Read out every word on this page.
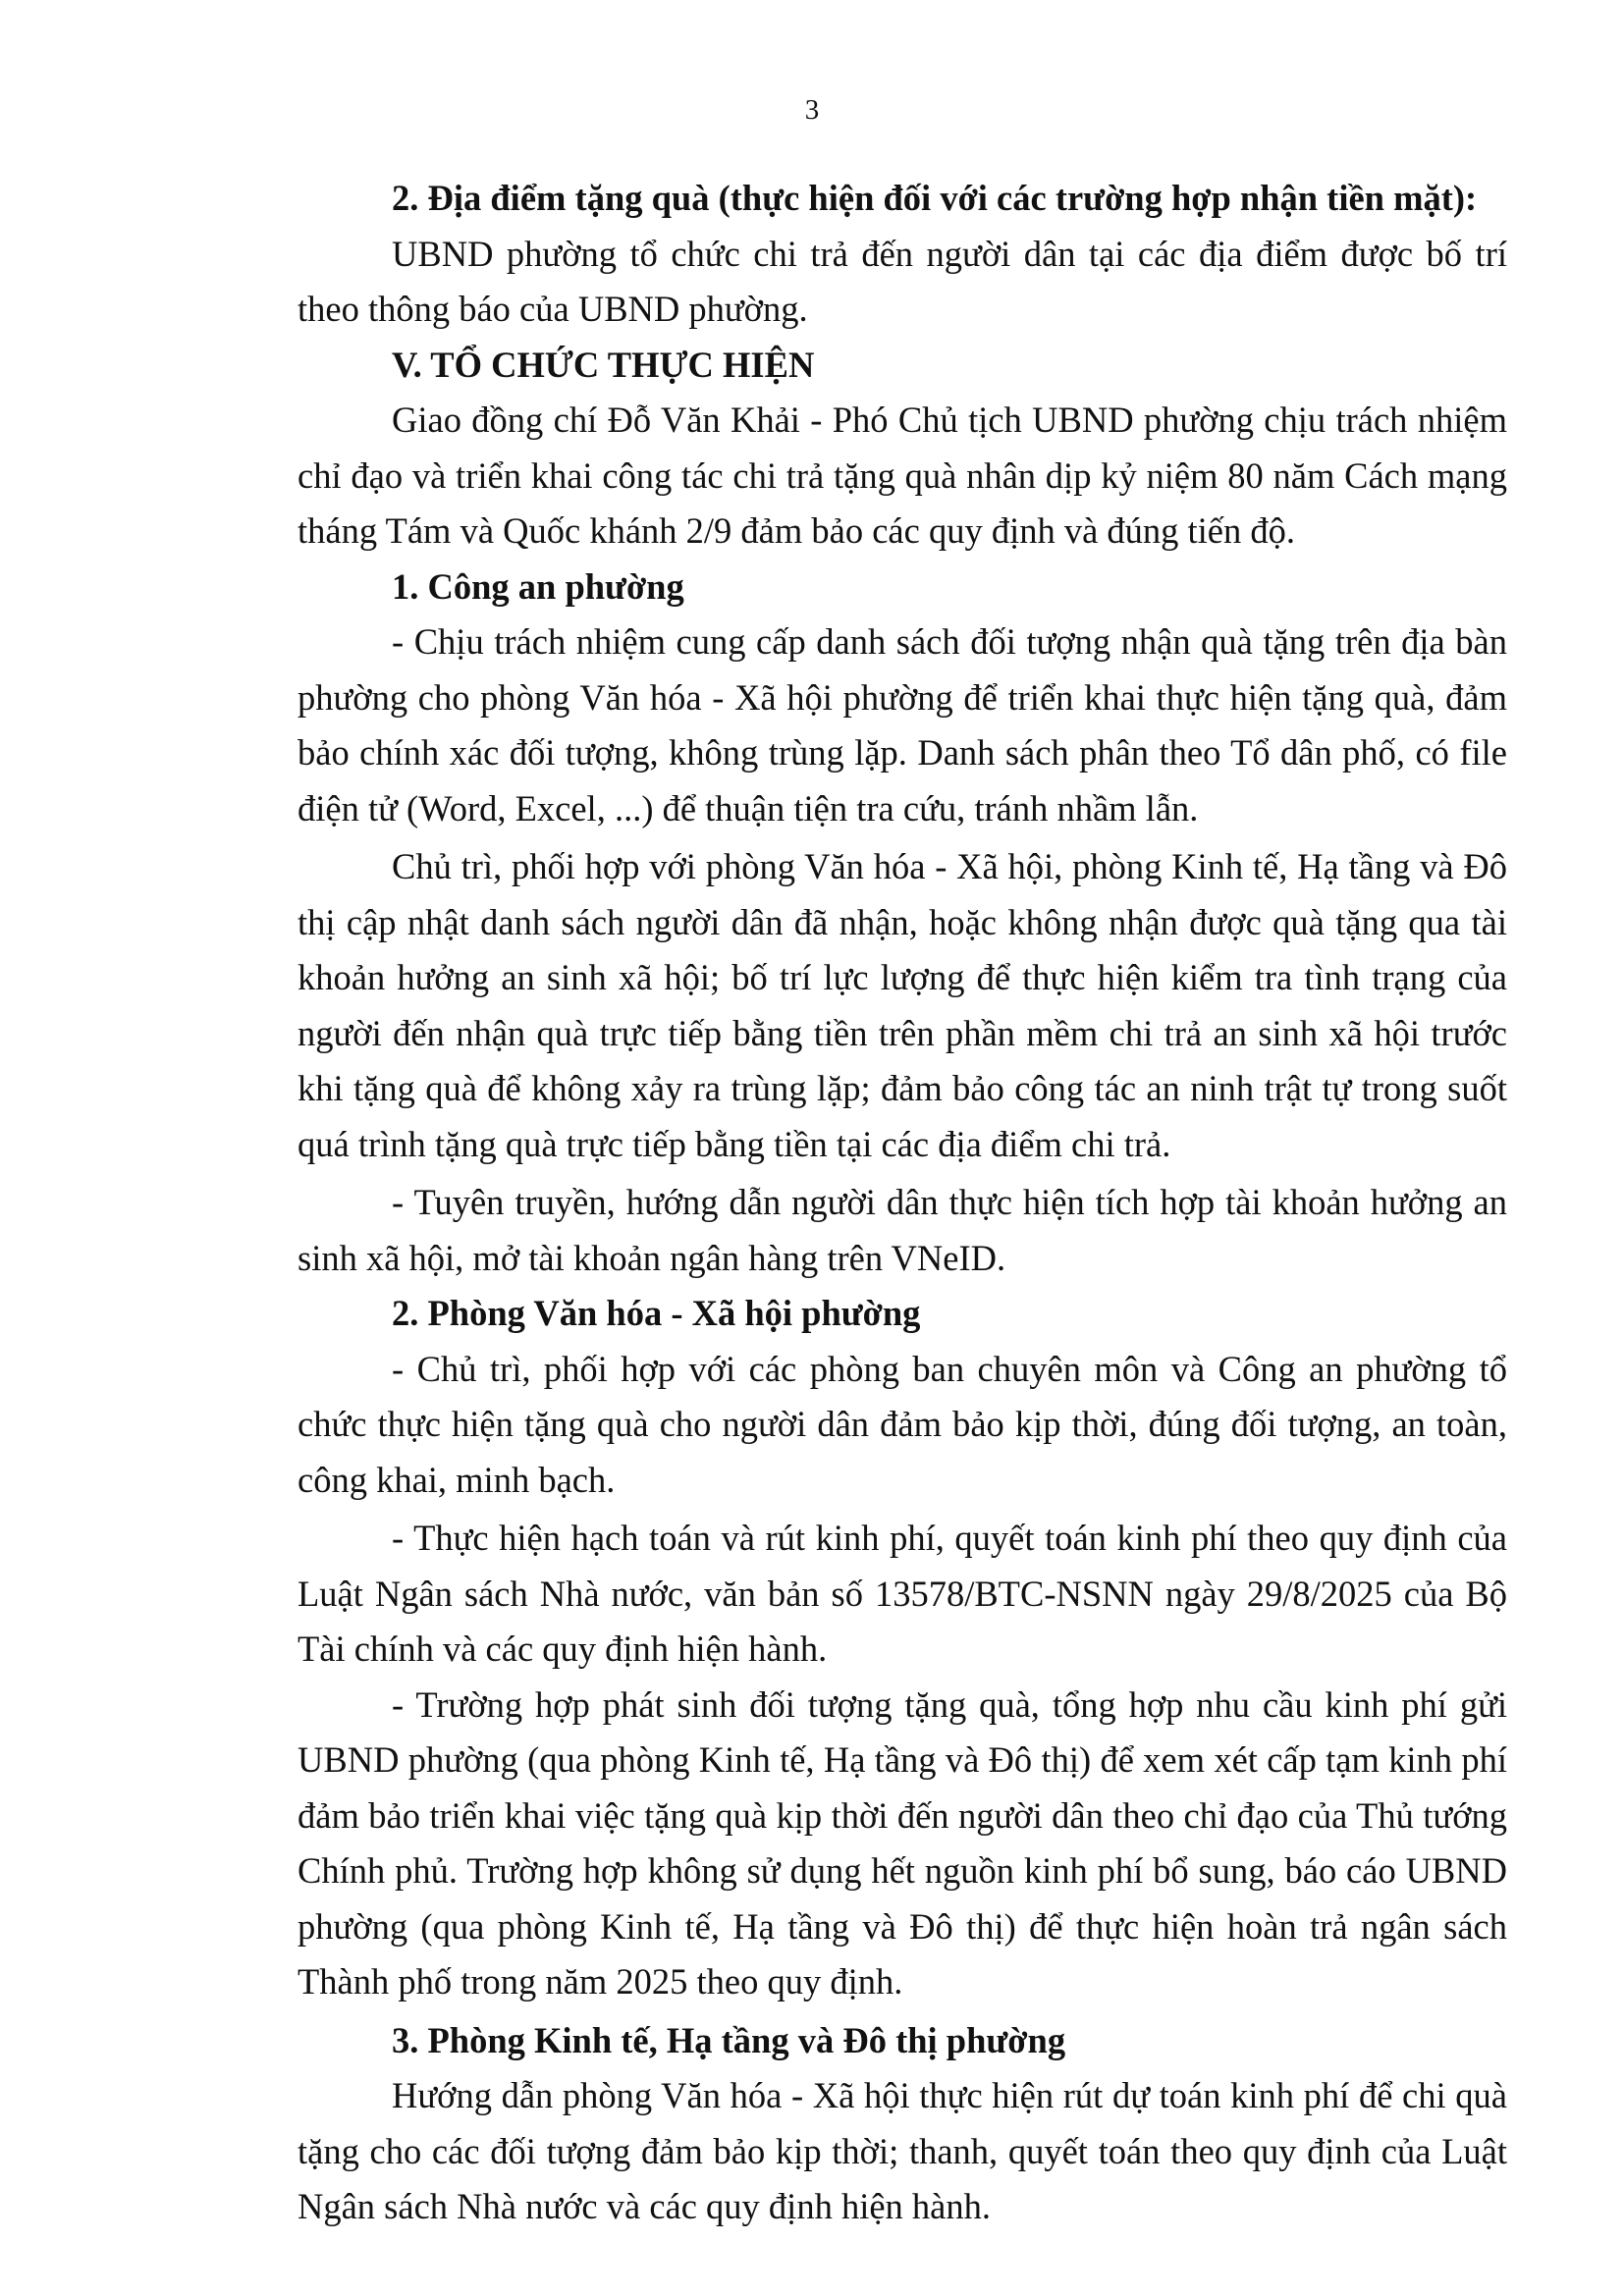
3

2. Địa điểm tặng quà (thực hiện đối với các trường hợp nhận tiền mặt):

UBND phường tổ chức chi trả đến người dân tại các địa điểm được bố trí theo thông báo của UBND phường.

V. TỔ CHỨC THỰC HIỆN

Giao đồng chí Đỗ Văn Khải - Phó Chủ tịch UBND phường chịu trách nhiệm chỉ đạo và triển khai công tác chi trả tặng quà nhân dịp kỷ niệm 80 năm Cách mạng tháng Tám và Quốc khánh 2/9 đảm bảo các quy định và đúng tiến độ.

1. Công an phường

- Chịu trách nhiệm cung cấp danh sách đối tượng nhận quà tặng trên địa bàn phường cho phòng Văn hóa - Xã hội phường để triển khai thực hiện tặng quà, đảm bảo chính xác đối tượng, không trùng lặp. Danh sách phân theo Tổ dân phố, có file điện tử (Word, Excel, ...) để thuận tiện tra cứu, tránh nhầm lẫn.

Chủ trì, phối hợp với phòng Văn hóa - Xã hội, phòng Kinh tế, Hạ tầng và Đô thị cập nhật danh sách người dân đã nhận, hoặc không nhận được quà tặng qua tài khoản hưởng an sinh xã hội; bố trí lực lượng để thực hiện kiểm tra tình trạng của người đến nhận quà trực tiếp bằng tiền trên phần mềm chi trả an sinh xã hội trước khi tặng quà để không xảy ra trùng lặp; đảm bảo công tác an ninh trật tự trong suốt quá trình tặng quà trực tiếp bằng tiền tại các địa điểm chi trả.

- Tuyên truyền, hướng dẫn người dân thực hiện tích hợp tài khoản hưởng an sinh xã hội, mở tài khoản ngân hàng trên VNeID.

2. Phòng Văn hóa - Xã hội phường

- Chủ trì, phối hợp với các phòng ban chuyên môn và Công an phường tổ chức thực hiện tặng quà cho người dân đảm bảo kịp thời, đúng đối tượng, an toàn, công khai, minh bạch.

- Thực hiện hạch toán và rút kinh phí, quyết toán kinh phí theo quy định của Luật Ngân sách Nhà nước, văn bản số 13578/BTC-NSNN ngày 29/8/2025 của Bộ Tài chính và các quy định hiện hành.

- Trường hợp phát sinh đối tượng tặng quà, tổng hợp nhu cầu kinh phí gửi UBND phường (qua phòng Kinh tế, Hạ tầng và Đô thị) để xem xét cấp tạm kinh phí đảm bảo triển khai việc tặng quà kịp thời đến người dân theo chỉ đạo của Thủ tướng Chính phủ. Trường hợp không sử dụng hết nguồn kinh phí bổ sung, báo cáo UBND phường (qua phòng Kinh tế, Hạ tầng và Đô thị) để thực hiện hoàn trả ngân sách Thành phố trong năm 2025 theo quy định.

3. Phòng Kinh tế, Hạ tầng và Đô thị phường

Hướng dẫn phòng Văn hóa - Xã hội thực hiện rút dự toán kinh phí để chi quà tặng cho các đối tượng đảm bảo kịp thời; thanh, quyết toán theo quy định của Luật Ngân sách Nhà nước và các quy định hiện hành.
